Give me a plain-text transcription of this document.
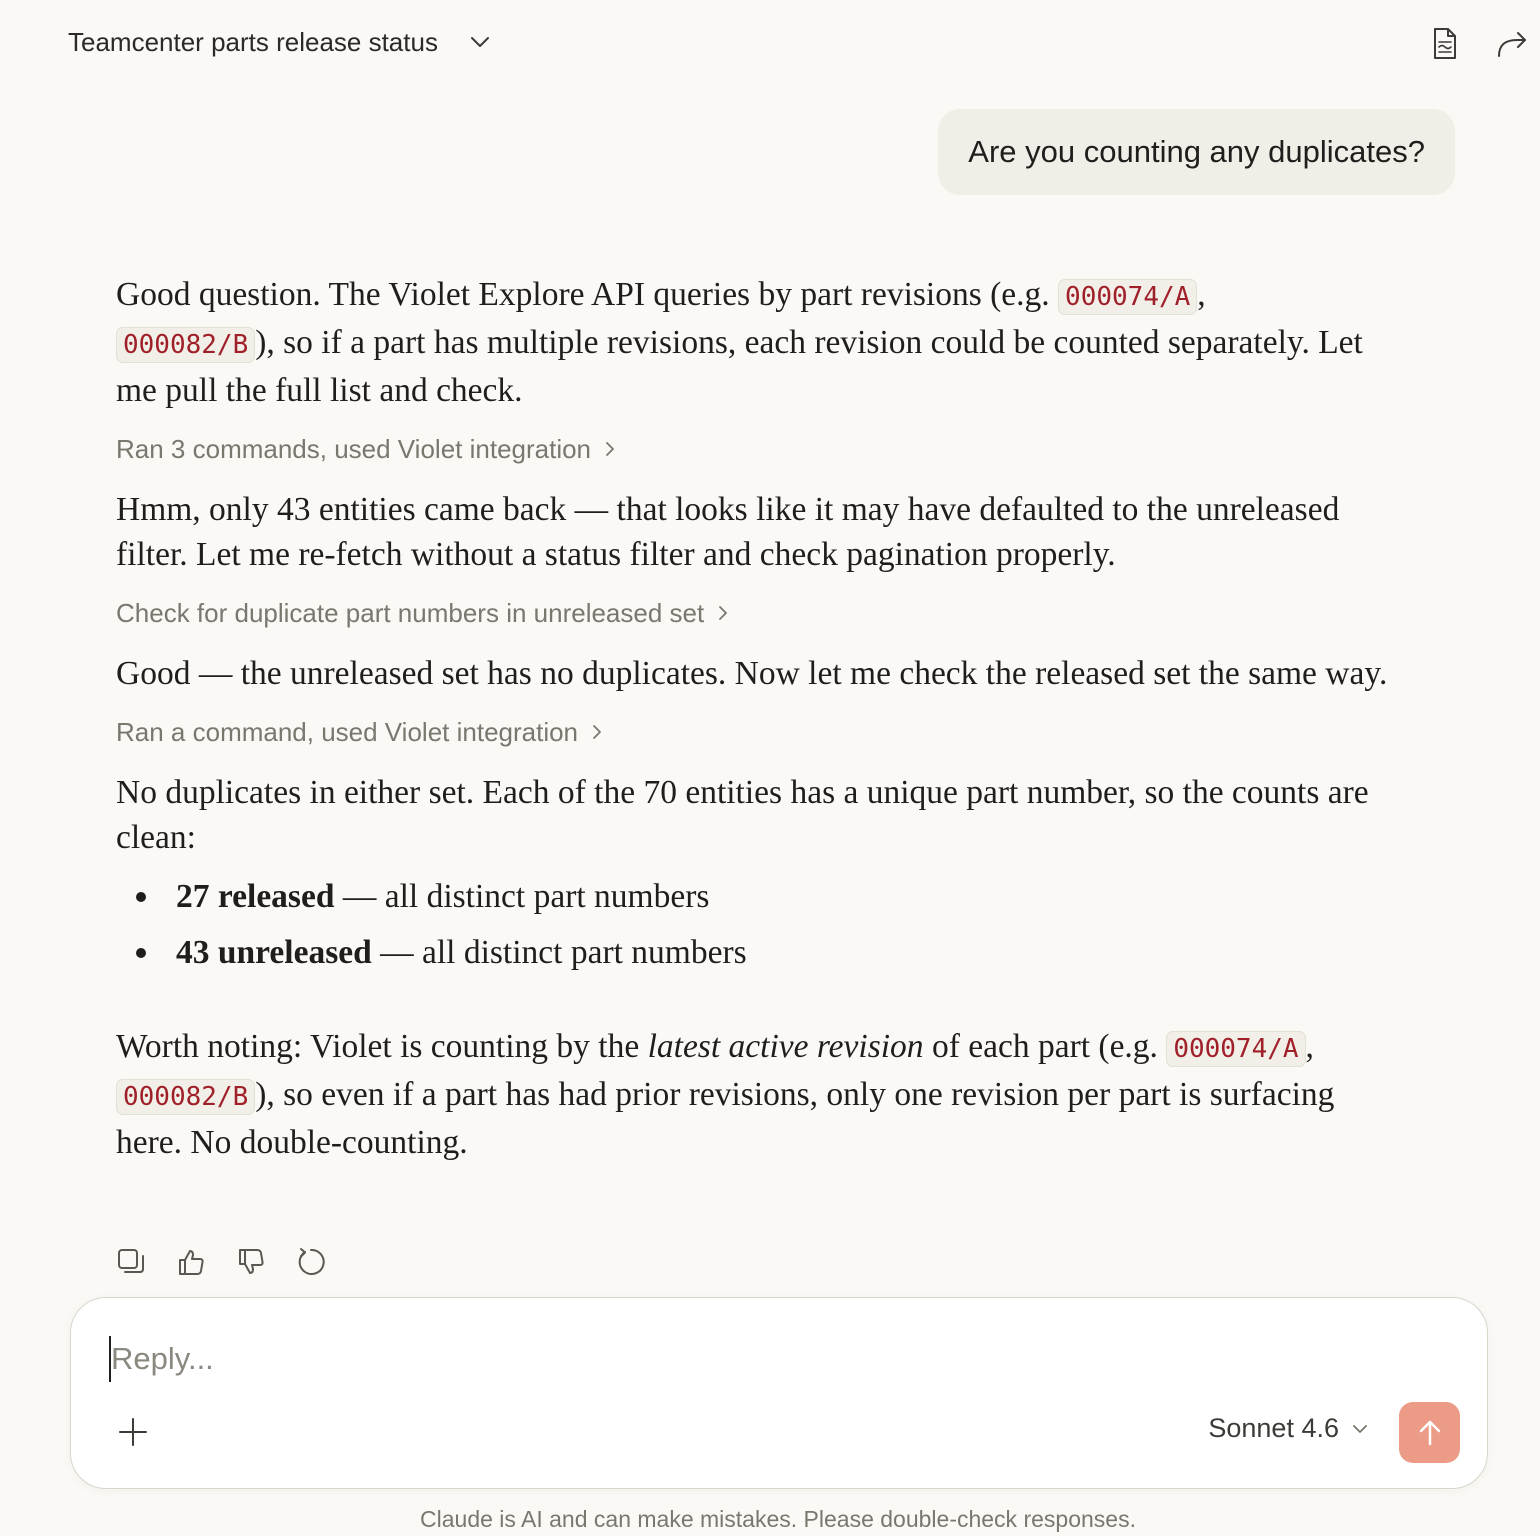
Teamcenter parts release status
Are you counting any duplicates?

Good question. The Violet Explore API queries by part revisions (e.g. 000074/A ,
000082/B ), so if a part has multiple revisions, each revision could be counted separately. Let me pull the full list and check.

Ran 3 commands, used Violet integration

Hmm, only 43 entities came back — that looks like it may have defaulted to the unreleased filter. Let me re-fetch without a status filter and check pagination properly.

Check for duplicate part numbers in unreleased set

Good — the unreleased set has no duplicates. Now let me check the released set the same way.

Ran a command, used Violet integration

No duplicates in either set. Each of the 70 entities has a unique part number, so the counts are clean:

27 released — all distinct part numbers
43 unreleased — all distinct part numbers

Worth noting: Violet is counting by the latest active revision of each part (e.g. 000074/A ,
000082/B ), so even if a part has had prior revisions, only one revision per part is surfacing here. No double-counting.

Reply...
Sonnet 4.6
Claude is AI and can make mistakes. Please double-check responses.
